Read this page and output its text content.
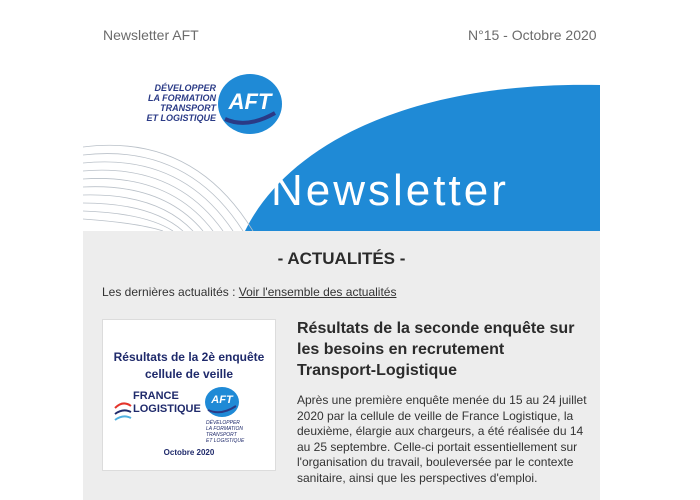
Newsletter AFT	N°15 - Octobre 2020
DÉVELOPPER
LA FORMATION TRANSPORT
ET LOGISTIQUE
AFT
Newsletter
- ACTUALITÉS -
Les dernières actualités : Voir l'ensemble des actualités
Résultats de la 2è enquête
cellule de veille
FRANCE
LOGISTIQUE
AFT
DÉVELOPPER
LA FORMATION TRANSPORT
ET LOGISTIQUE
Octobre 2020
Résultats de la seconde enquête sur les besoins en recrutement Transport-Logistique
Après une première enquête menée du 15 au 24 juillet 2020 par la cellule de veille de France Logistique, la deuxième, élargie aux chargeurs, a été réalisée du 14 au 25 septembre. Celle-ci portait essentiellement sur l'organisation du travail, bouleversée par le contexte sanitaire, ainsi que les perspectives d'emploi.
